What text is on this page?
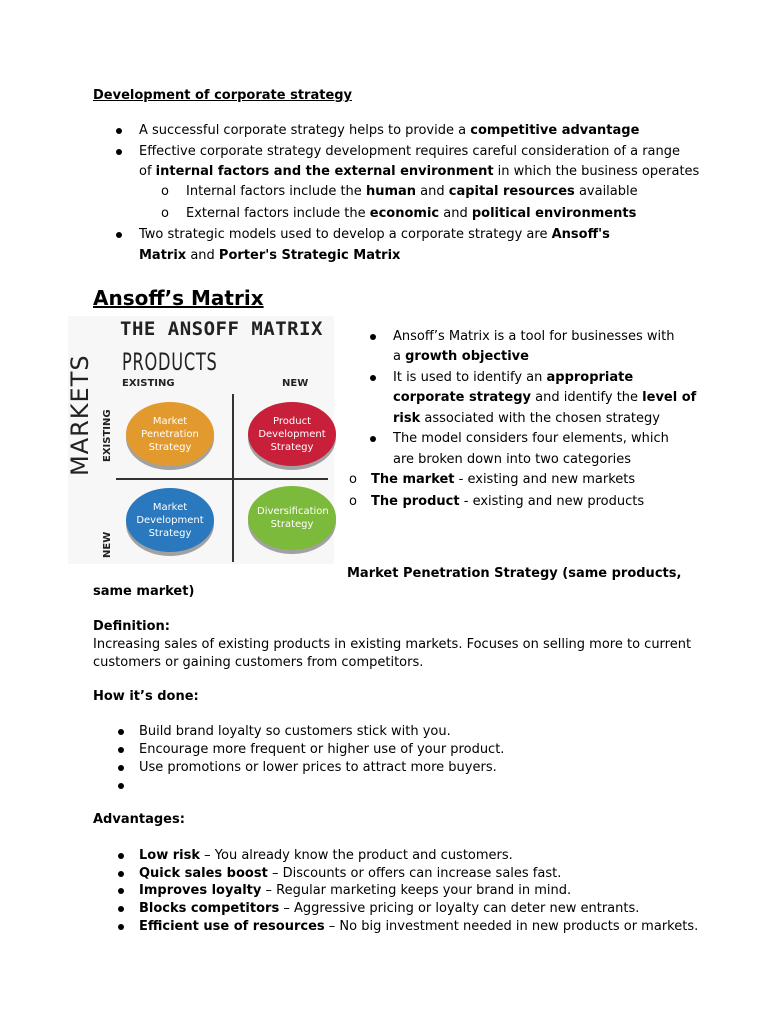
Development of corporate strategy
A successful corporate strategy helps to provide a competitive advantage
Effective corporate strategy development requires careful consideration of a range
of internal factors and the external environment in which the business operates
o Internal factors include the human and capital resources available
o External factors include the economic and political environments
Two strategic models used to develop a corporate strategy are Ansoff's
Matrix and Porter's Strategic Matrix
Ansoff’s Matrix
THE ANSOFF MATRIX
PRODUCTS
EXISTING	NEW
MARKETS EXISTING
NEW
Market Penetration Strategy
Product Development Strategy
Market Development Strategy
Diversification Strategy
Ansoff’s Matrix is a tool for businesses with
a growth objective
It is used to identify an appropriate
corporate strategy and identify the level of
risk associated with the chosen strategy
The model considers four elements, which
are broken down into two categories
o The market - existing and new markets
o The product - existing and new products
Market Penetration Strategy (same products,
same market)
Definition:
Increasing sales of existing products in existing markets. Focuses on selling more to current
customers or gaining customers from competitors.
How it’s done:
Build brand loyalty so customers stick with you.
Encourage more frequent or higher use of your product.
Use promotions or lower prices to attract more buyers.
Advantages:
Low risk – You already know the product and customers.
Quick sales boost – Discounts or offers can increase sales fast.
Improves loyalty – Regular marketing keeps your brand in mind.
Blocks competitors – Aggressive pricing or loyalty can deter new entrants.
Efficient use of resources – No big investment needed in new products or markets.
